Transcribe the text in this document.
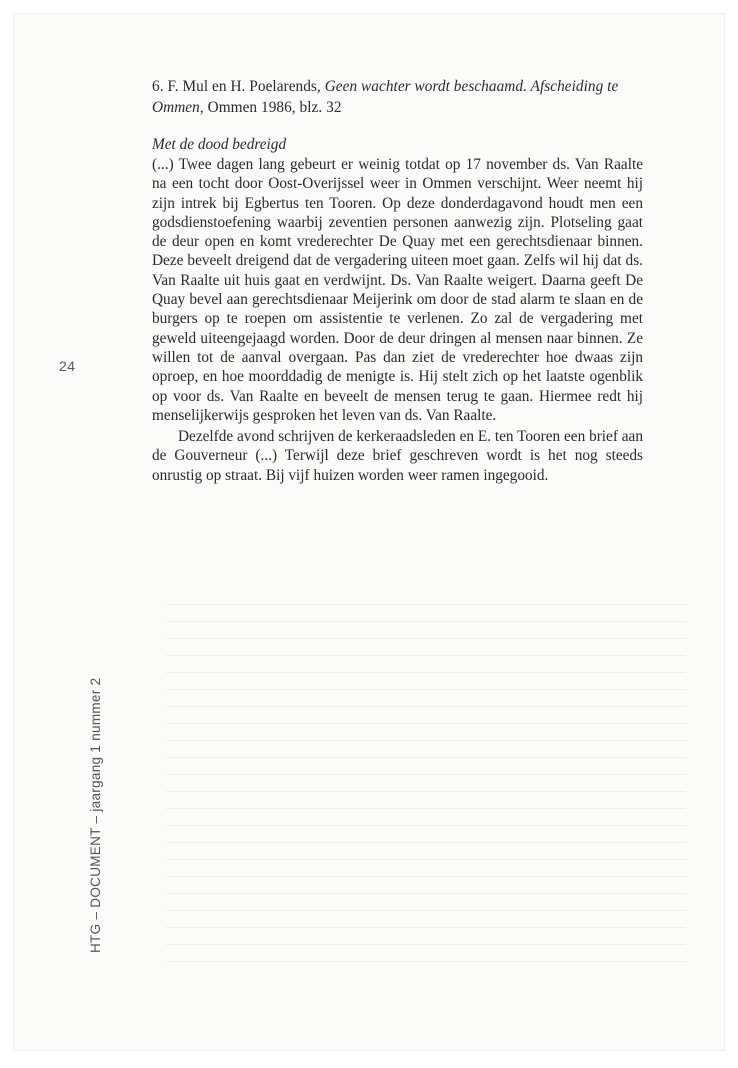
6. F. Mul en H. Poelarends, Geen wachter wordt beschaamd. Afscheiding te Ommen, Ommen 1986, blz. 32
Met de dood bedreigd

(...) Twee dagen lang gebeurt er weinig totdat op 17 november ds. Van Raalte na een tocht door Oost-Overijssel weer in Ommen verschijnt. Weer neemt hij zijn intrek bij Egbertus ten Tooren. Op deze donderdagavond houdt men een godsdienstoefening waarbij zeventien personen aanwezig zijn. Plotseling gaat de deur open en komt vrederechter De Quay met een gerechtsdienaar binnen. Deze beveelt dreigend dat de vergadering uiteen moet gaan. Zelfs wil hij dat ds. Van Raalte uit huis gaat en verdwijnt. Ds. Van Raalte weigert. Daarna geeft De Quay bevel aan gerechtsdienaar Meijerink om door de stad alarm te slaan en de burgers op te roepen om assistentie te verlenen. Zo zal de vergadering met geweld uiteengejaagd worden. Door de deur dringen al mensen naar binnen. Ze willen tot de aanval overgaan. Pas dan ziet de vrederechter hoe dwaas zijn oproep, en hoe moorddadig de menigte is. Hij stelt zich op het laatste ogenblik op voor ds. Van Raalte en beveelt de mensen terug te gaan. Hiermee redt hij menselijkerwijs gesproken het leven van ds. Van Raalte.

Dezelfde avond schrijven de kerkeraadsleden en E. ten Tooren een brief aan de Gouverneur (...) Terwijl deze brief geschreven wordt is het nog steeds onrustig op straat. Bij vijf huizen worden weer ramen ingegooid.

24
HTG – DOCUMENT – jaargang 1 nummer 2
